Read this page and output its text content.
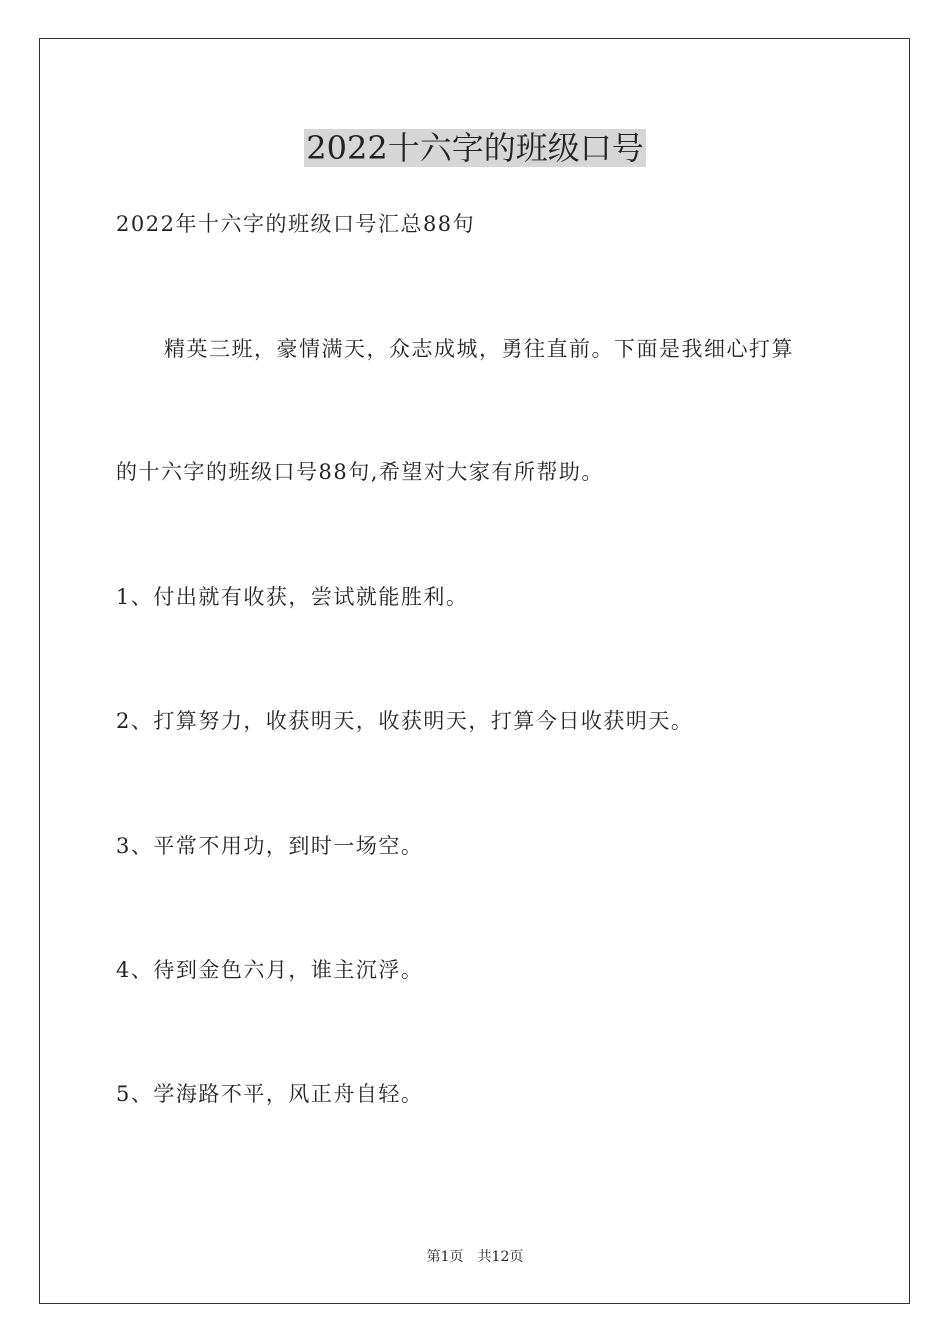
2022十六字的班级口号
2022年十六字的班级口号汇总88句
精英三班，豪情满天，众志成城，勇往直前。下面是我细心打算
的十六字的班级口号88句,希望对大家有所帮助。
1、付出就有收获，尝试就能胜利。
2、打算努力，收获明天，收获明天，打算今日收获明天。
3、平常不用功，到时一场空。
4、待到金色六月，谁主沉浮。
5、学海路不平，风正舟自轻。
第1页 共12页
